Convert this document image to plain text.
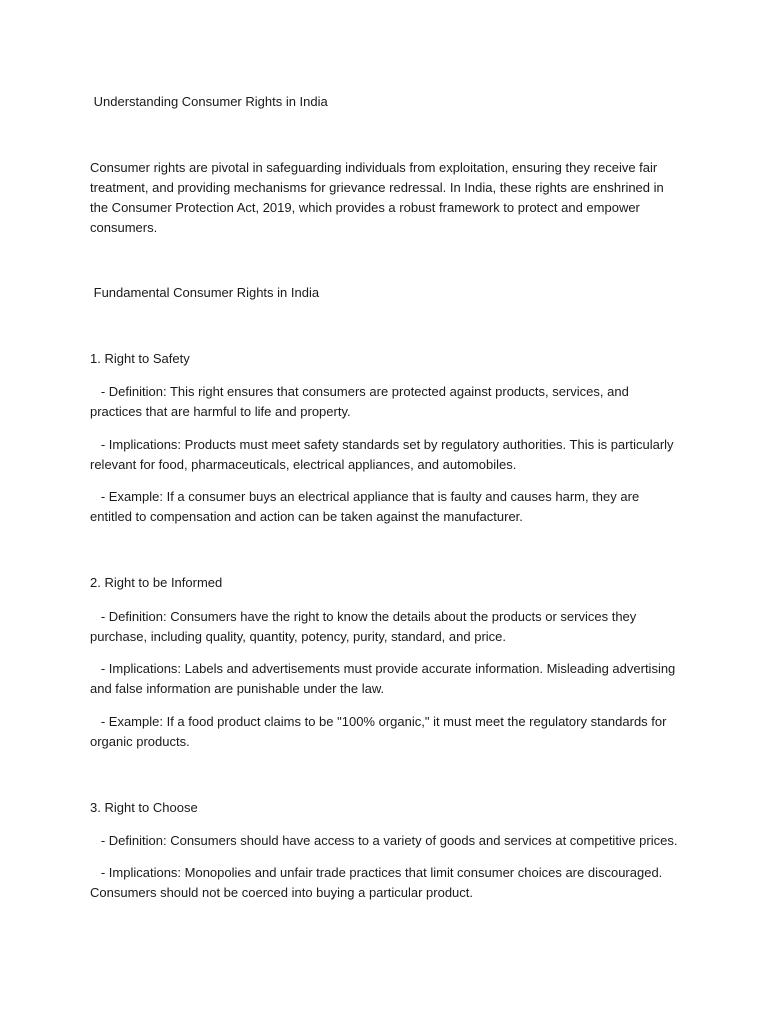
Understanding Consumer Rights in India

Consumer rights are pivotal in safeguarding individuals from exploitation, ensuring they receive fair treatment, and providing mechanisms for grievance redressal. In India, these rights are enshrined in the Consumer Protection Act, 2019, which provides a robust framework to protect and empower consumers.

Fundamental Consumer Rights in India

1. Right to Safety

- Definition: This right ensures that consumers are protected against products, services, and practices that are harmful to life and property.

- Implications: Products must meet safety standards set by regulatory authorities. This is particularly relevant for food, pharmaceuticals, electrical appliances, and automobiles.

- Example: If a consumer buys an electrical appliance that is faulty and causes harm, they are entitled to compensation and action can be taken against the manufacturer.

2. Right to be Informed

- Definition: Consumers have the right to know the details about the products or services they purchase, including quality, quantity, potency, purity, standard, and price.

- Implications: Labels and advertisements must provide accurate information. Misleading advertising and false information are punishable under the law.

- Example: If a food product claims to be "100% organic," it must meet the regulatory standards for organic products.

3. Right to Choose

- Definition: Consumers should have access to a variety of goods and services at competitive prices.

- Implications: Monopolies and unfair trade practices that limit consumer choices are discouraged. Consumers should not be coerced into buying a particular product.
